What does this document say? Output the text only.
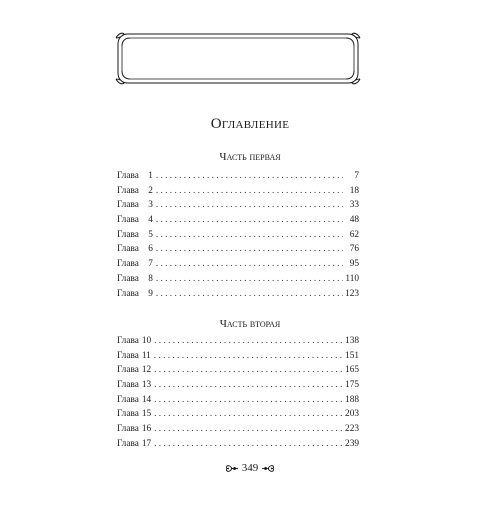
Оглавление
Часть первая
Глава	1 . . .	7
Глава	2 . . .	18
Глава	3 . . .	33
Глава	4 . . .	48
Глава	5 . . .	62
Глава	6 . . .	76
Глава	7 . . .	95
Глава	8 . . .	110
Глава	9 . . .	123
Часть вторая
Глава 10 . . .	138
Глава 11 . . .	151
Глава 12 . . .	165
Глава 13 . . .	175
Глава 14 . . .	188
Глава 15 . . .	203
Глава 16 . . .	223
Глава 17 . . .	239
349
